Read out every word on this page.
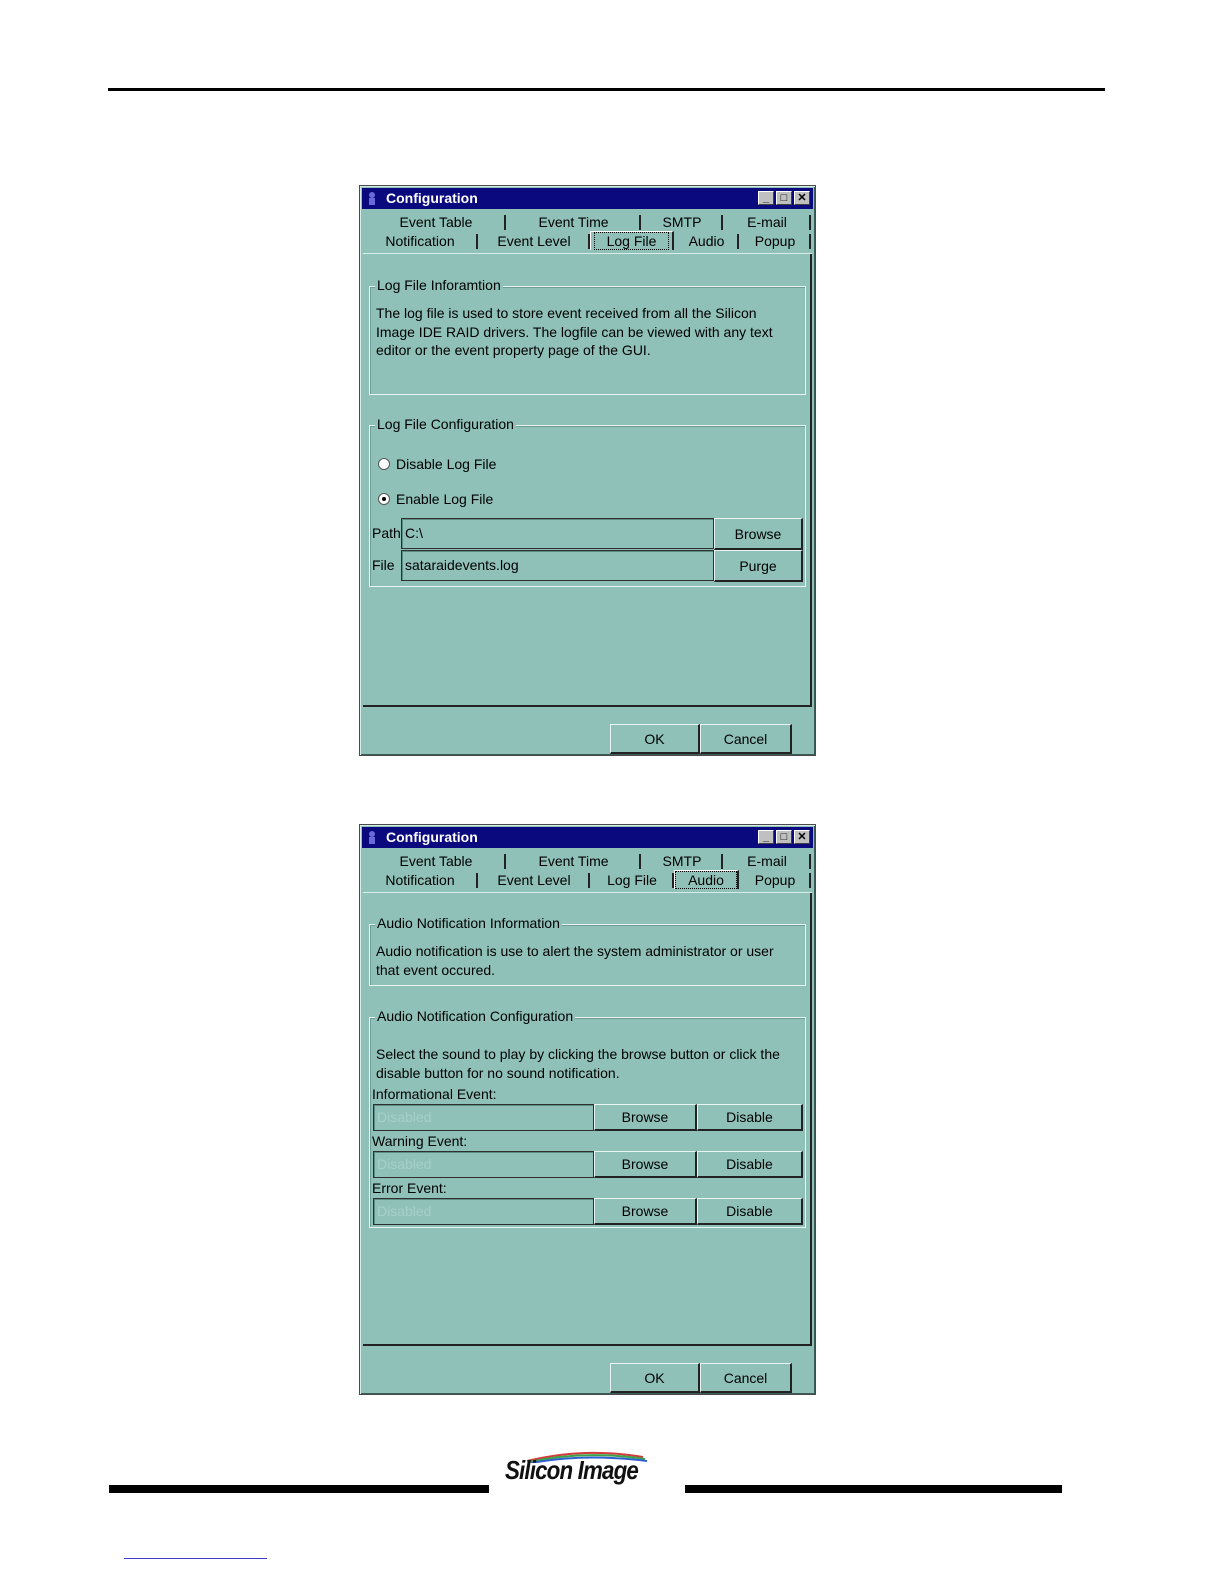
Configuration	_	□ ✕
Event Table	Event Time	SMTP	E-mail
Notification	Event Level	Log File	Audio	Popup
Log File Inforamtion
The log file is used to store event received from all the Silicon
Image IDE RAID drivers. The logfile can be viewed with any text
editor or the event property page of the GUI.
Log File Configuration
Disable Log File
Enable Log File
Path C:\	Browse
File sataraidevents.log	Purge
OK	Cancel
Configuration	_	□ ✕
Event Table	Event Time	SMTP	E-mail
Notification	Event Level	Log File	Audio	Popup
Audio Notification Information
Audio notification is use to alert the system administrator or user
that event occured.
Audio Notification Configuration
Select the sound to play by clicking the browse button or click the
disable button for no sound notification.
Informational Event:
Disabled	Browse	Disable
Warning Event:
Disabled	Browse	Disable
Error Event:
Disabled	Browse	Disable
OK	Cancel
Silicon Image
